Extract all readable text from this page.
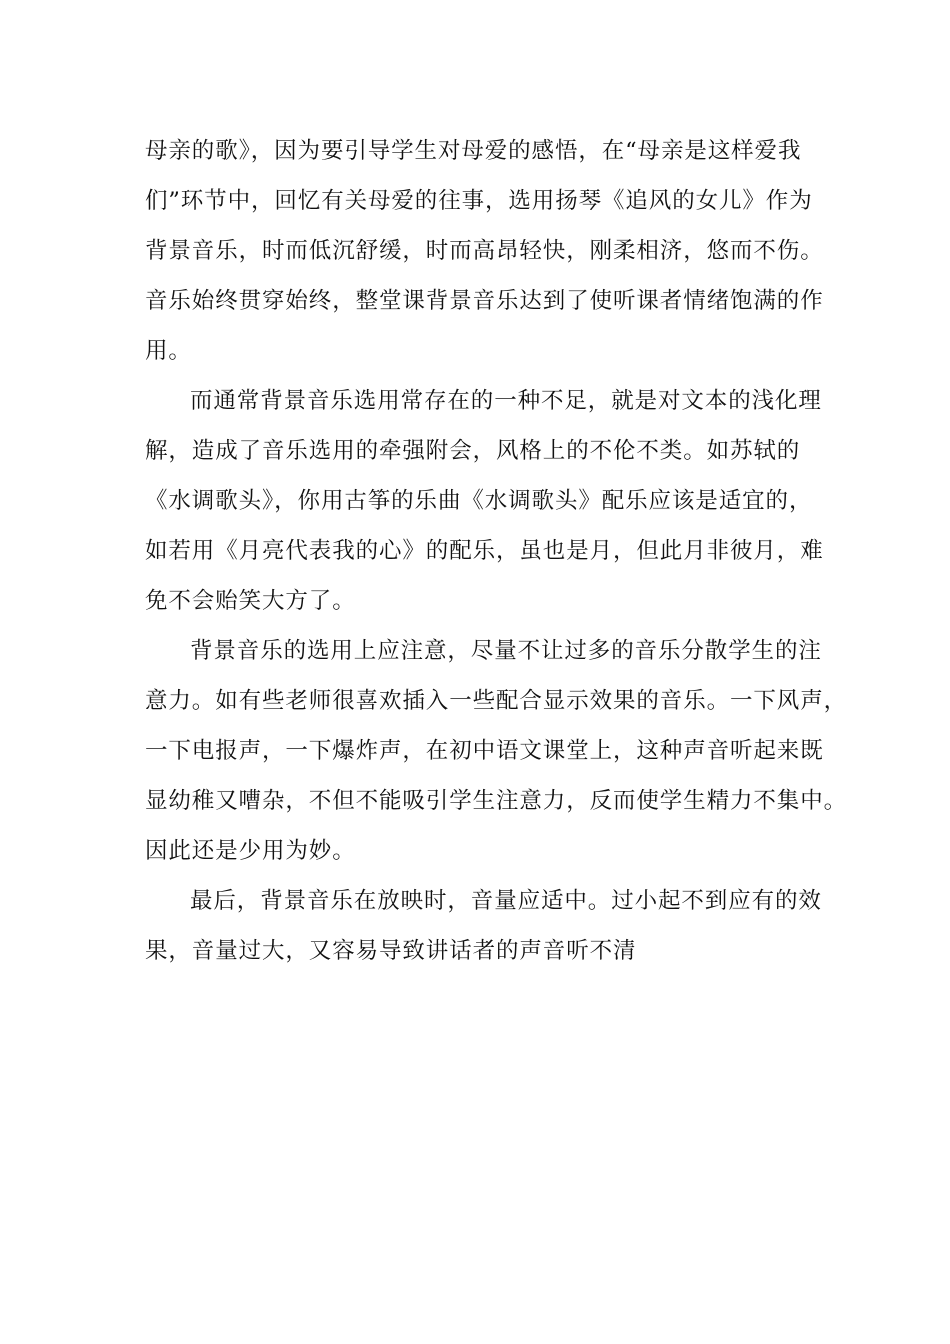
母亲的歌》，因为要引导学生对母爱的感悟，在“母亲是这样爱我
们”环节中，回忆有关母爱的往事，选用扬琴《追风的女儿》作为
背景音乐，时而低沉舒缓，时而高昂轻快，刚柔相济，悠而不伤。
音乐始终贯穿始终，整堂课背景音乐达到了使听课者情绪饱满的作
用。
而通常背景音乐选用常存在的一种不足，就是对文本的浅化理
解，造成了音乐选用的牵强附会，风格上的不伦不类。如苏轼的
《水调歌头》，你用古筝的乐曲《水调歌头》配乐应该是适宜的，
如若用《月亮代表我的心》的配乐，虽也是月，但此月非彼月，难
免不会贻笑大方了。
背景音乐的选用上应注意，尽量不让过多的音乐分散学生的注
意力。如有些老师很喜欢插入一些配合显示效果的音乐。一下风声，
一下电报声，一下爆炸声，在初中语文课堂上，这种声音听起来既
显幼稚又嘈杂，不但不能吸引学生注意力，反而使学生精力不集中。
因此还是少用为妙。
最后，背景音乐在放映时，音量应适中。过小起不到应有的效
果，音量过大，又容易导致讲话者的声音听不清
